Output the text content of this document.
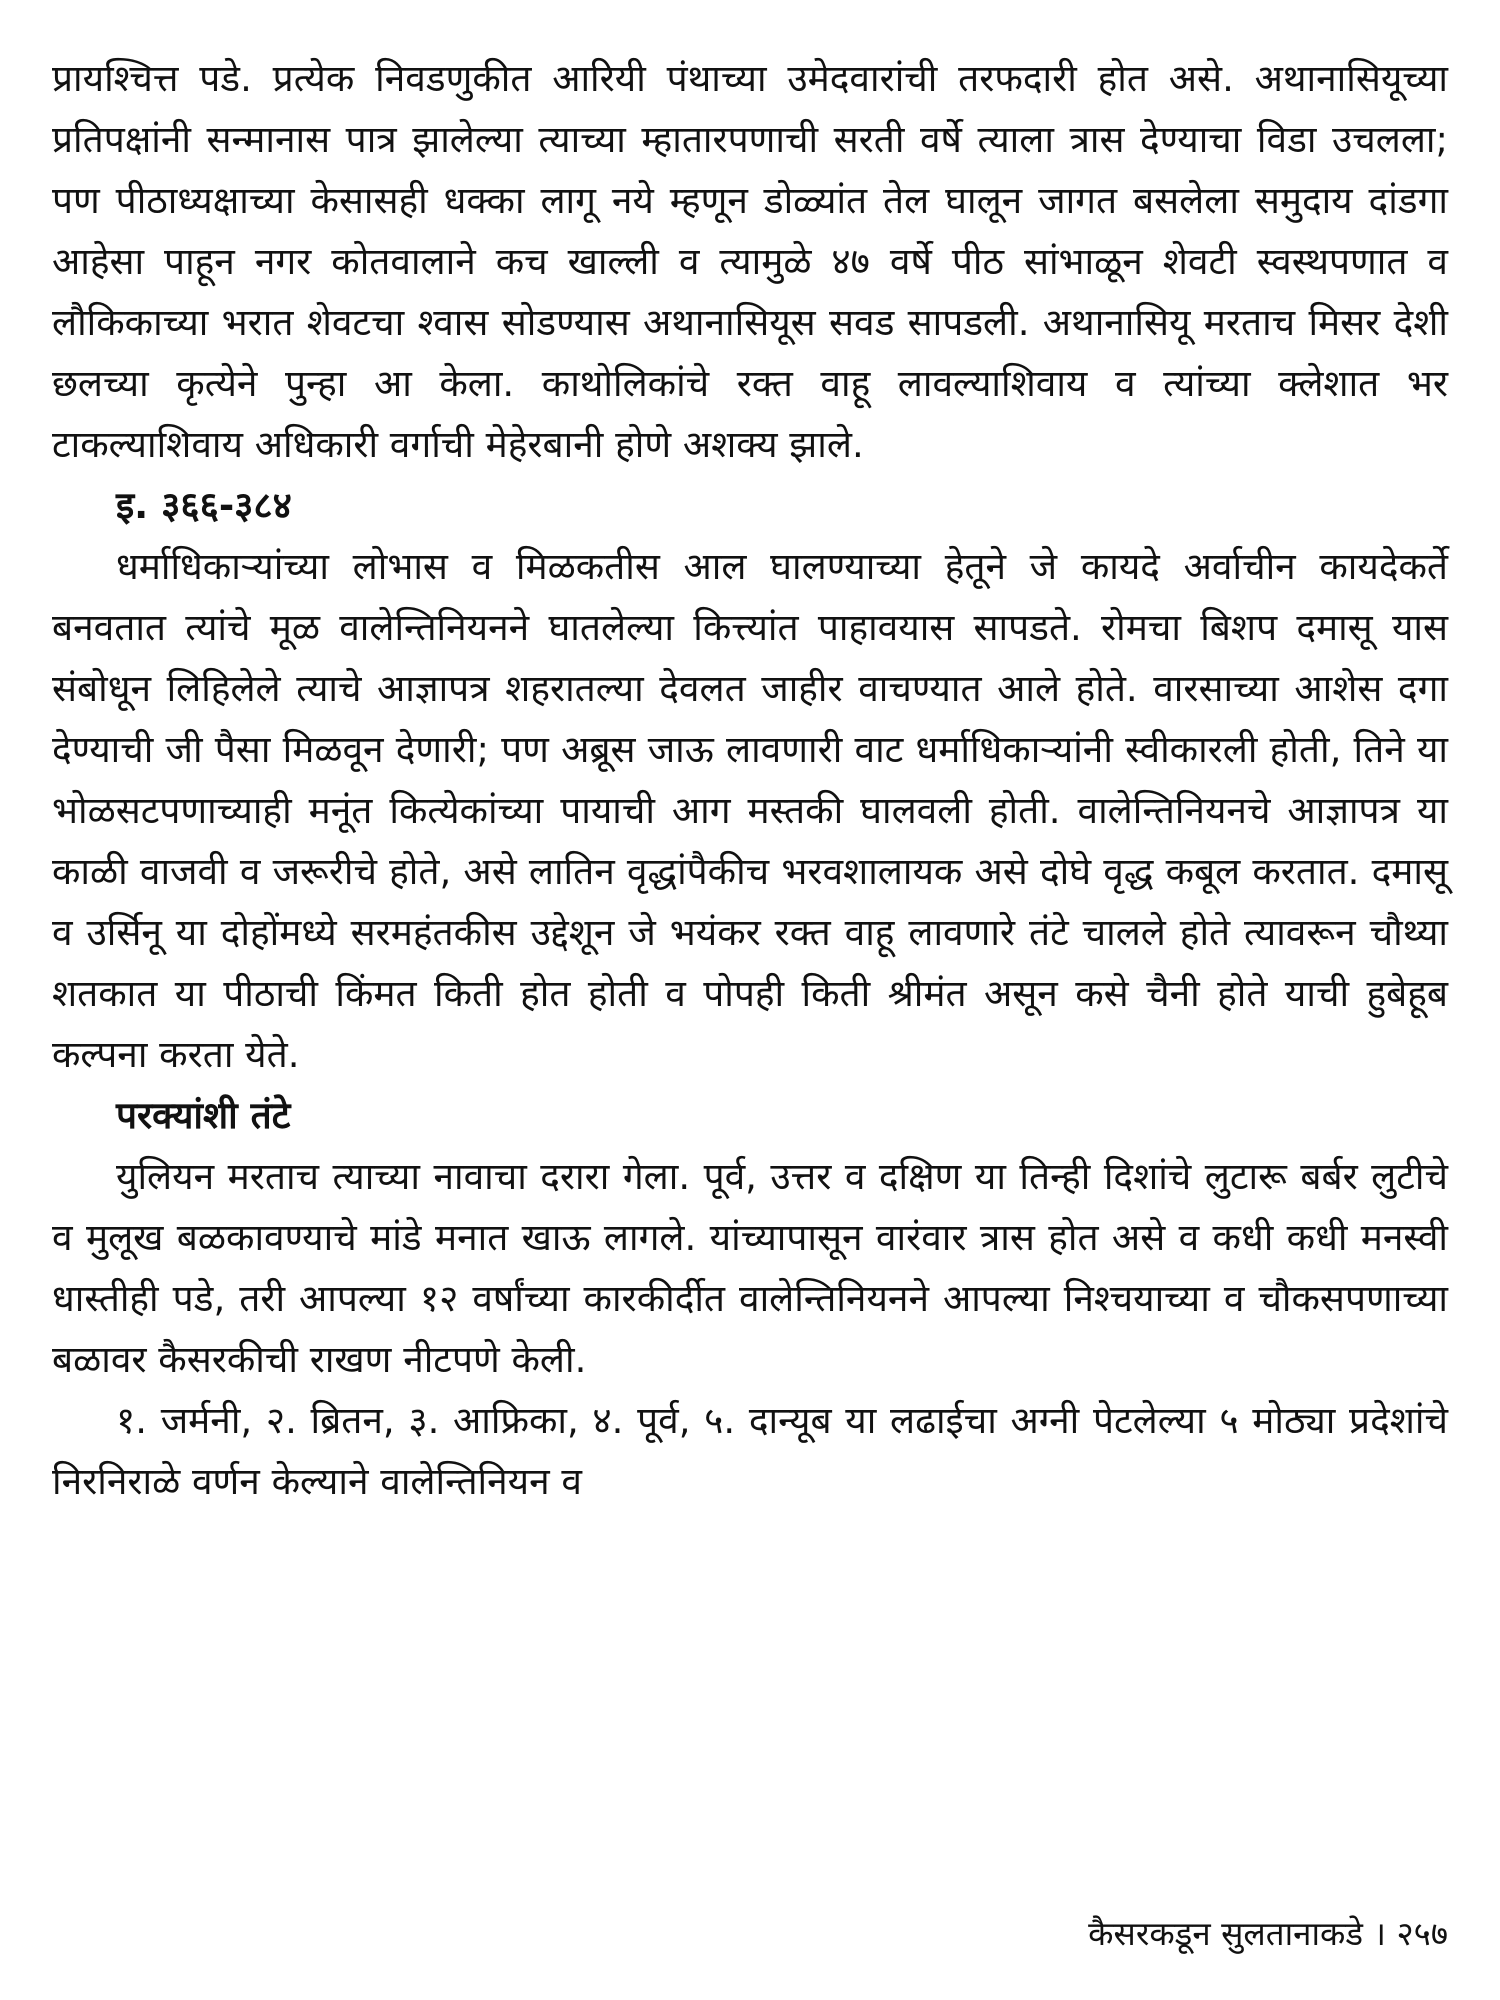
प्रायश्चित्त पडे. प्रत्येक निवडणुकीत आरियी पंथाच्या उमेदवारांची तरफदारी होत असे. अथानासियूच्या प्रतिपक्षांनी सन्मानास पात्र झालेल्या त्याच्या म्हातारपणाची सरती वर्षे त्याला त्रास देण्याचा विडा उचलला; पण पीठाध्यक्षाच्या केसासही धक्का लागू नये म्हणून डोळ्यांत तेल घालून जागत बसलेला समुदाय दांडगा आहेसा पाहून नगर कोतवालाने कच खाल्ली व त्यामुळे ४७ वर्षे पीठ सांभाळून शेवटी स्वस्थपणात व लौकिकाच्या भरात शेवटचा श्वास सोडण्यास अथानासियूस सवड सापडली. अथानासियू मरताच मिसर देशी छलच्या कृत्येने पुन्हा आ केला. काथोलिकांचे रक्त वाहू लावल्याशिवाय व त्यांच्या क्लेशात भर टाकल्याशिवाय अधिकारी वर्गाची मेहेरबानी होणे अशक्य झाले.

इ. ३६६-३८४

धर्माधिकाऱ्यांच्या लोभास व मिळकतीस आल घालण्याच्या हेतूने जे कायदे अर्वाचीन कायदेकर्ते बनवतात त्यांचे मूळ वालेन्तिनियनने घातलेल्या कित्त्यांत पाहावयास सापडते. रोमचा बिशप दमासू यास संबोधून लिहिलेले त्याचे आज्ञापत्र शहरातल्या देवलत जाहीर वाचण्यात आले होते. वारसाच्या आशेस दगा देण्याची जी पैसा मिळवून देणारी; पण अब्रूस जाऊ लावणारी वाट धर्माधिकाऱ्यांनी स्वीकारली होती, तिने या भोळसटपणाच्याही मनूंत कित्येकांच्या पायाची आग मस्तकी घालवली होती. वालेन्तिनियनचे आज्ञापत्र या काळी वाजवी व जरूरीचे होते, असे लातिन वृद्धांपैकीच भरवशालायक असे दोघे वृद्ध कबूल करतात. दमासू व उर्सिनू या दोहोंमध्ये सरमहंतकीस उद्देशून जे भयंकर रक्त वाहू लावणारे तंटे चालले होते त्यावरून चौथ्या शतकात या पीठाची किंमत किती होत होती व पोपही किती श्रीमंत असून कसे चैनी होते याची हुबेहूब कल्पना करता येते.

परक्यांशी तंटे

युलियन मरताच त्याच्या नावाचा दरारा गेला. पूर्व, उत्तर व दक्षिण या तिन्ही दिशांचे लुटारू बर्बर लुटीचे व मुलूख बळकावण्याचे मांडे मनात खाऊ लागले. यांच्यापासून वारंवार त्रास होत असे व कधी कधी मनस्वी धास्तीही पडे, तरी आपल्या १२ वर्षांच्या कारकीर्दीत वालेन्तिनियनने आपल्या निश्चयाच्या व चौकसपणाच्या बळावर कैसरकीची राखण नीटपणे केली.

१. जर्मनी, २. ब्रितन, ३. आफ्रिका, ४. पूर्व, ५. दान्यूब या लढाईचा अग्नी पेटलेल्या ५ मोठ्या प्रदेशांचे निरनिराळे वर्णन केल्याने वालेन्तिनियन व

कैसरकडून सुलतानाकडे । २५७
